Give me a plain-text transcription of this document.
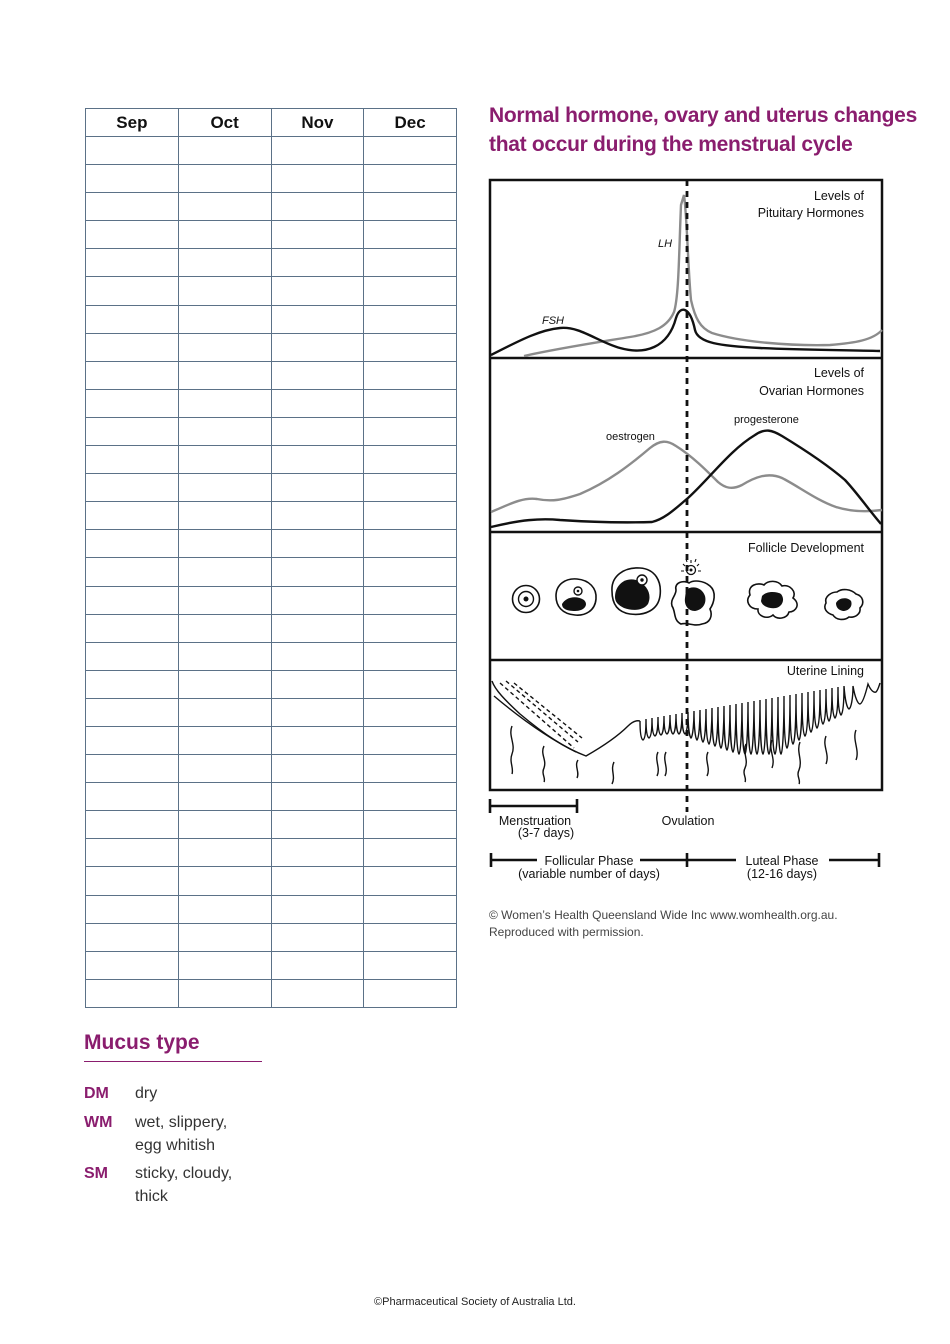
Sep	Oct	Nov	Dec

				Normal hormone, ovary and uterus changes that occur during the menstrual cycle
Levels of
Pituitary Hormones
LH
FSH
Levels of
Ovarian Hormones
oestrogen
progesterone
Follicle Development
Uterine Lining
Menstruation
(3-7 days)
Ovulation
Follicular Phase
(variable number of days)
Luteal Phase
(12-16 days)
© Women’s Health Queensland Wide Inc www.womhealth.org.au.
Reproduced with permission.
Mucus type
DM dry
WM wet, slippery,
egg whitish
SM sticky, cloudy,
thick
©Pharmaceutical Society of Australia Ltd.
